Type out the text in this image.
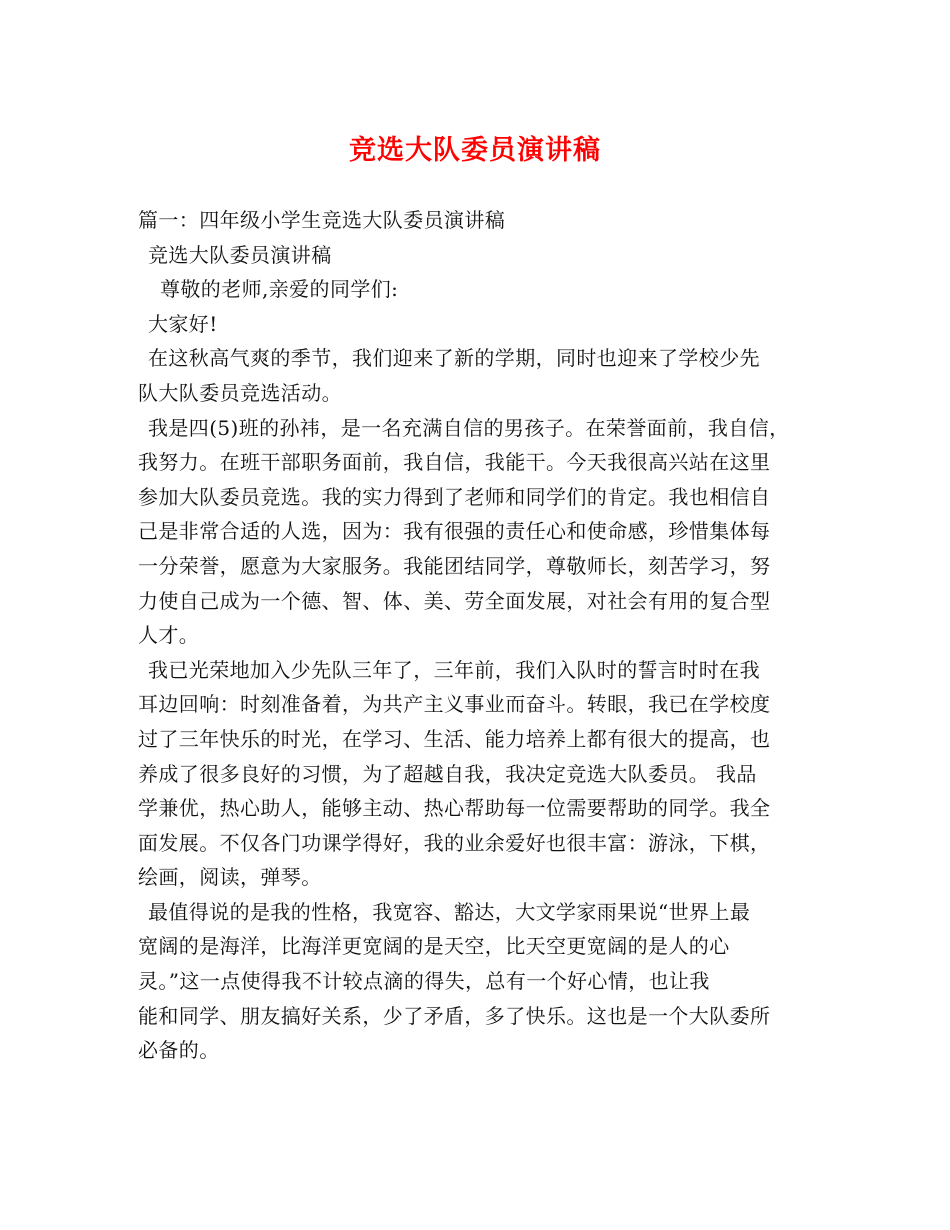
竞选大队委员演讲稿
篇一：四年级小学生竞选大队委员演讲稿
竞选大队委员演讲稿
尊敬的老师,亲爱的同学们:
大家好!
在这秋高气爽的季节，我们迎来了新的学期，同时也迎来了学校少先
队大队委员竞选活动。
我是四(5)班的孙祎，是一名充满自信的男孩子。在荣誉面前，我自信，
我努力。在班干部职务面前，我自信，我能干。今天我很高兴站在这里
参加大队委员竞选。我的实力得到了老师和同学们的肯定。我也相信自
己是非常合适的人选，因为：我有很强的责任心和使命感，珍惜集体每
一分荣誉，愿意为大家服务。我能团结同学，尊敬师长，刻苦学习，努
力使自己成为一个德、智、体、美、劳全面发展，对社会有用的复合型
人才。
我已光荣地加入少先队三年了，三年前，我们入队时的誓言时时在我
耳边回响：时刻准备着，为共产主义事业而奋斗。转眼，我已在学校度
过了三年快乐的时光，在学习、生活、能力培养上都有很大的提高，也
养成了很多良好的习惯，为了超越自我，我决定竞选大队委员。 我品
学兼优，热心助人，能够主动、热心帮助每一位需要帮助的同学。我全
面发展。不仅各门功课学得好，我的业余爱好也很丰富：游泳，下棋，
绘画，阅读，弹琴。
最值得说的是我的性格，我宽容、豁达，大文学家雨果说“世界上最
宽阔的是海洋，比海洋更宽阔的是天空，比天空更宽阔的是人的心
灵。”这一点使得我不计较点滴的得失，总有一个好心情，也让我
能和同学、朋友搞好关系，少了矛盾，多了快乐。这也是一个大队委所
必备的。
